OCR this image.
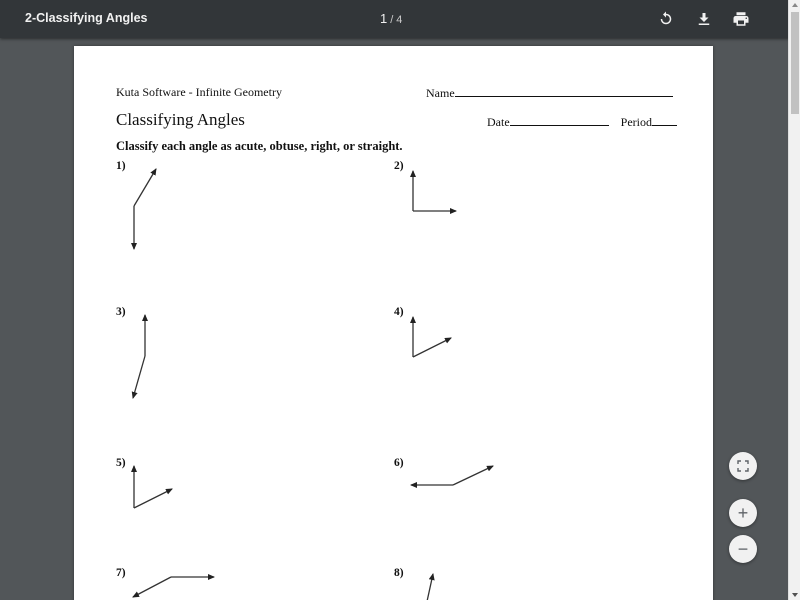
2-Classifying Angles	1 / 4
Kuta Software - Infinite Geometry	Name
Classifying Angles	Date	Period
Classify each angle as acute, obtuse, right, or straight.
1)	2)
3)	4)
5)	6)
7)	8)
+
−
